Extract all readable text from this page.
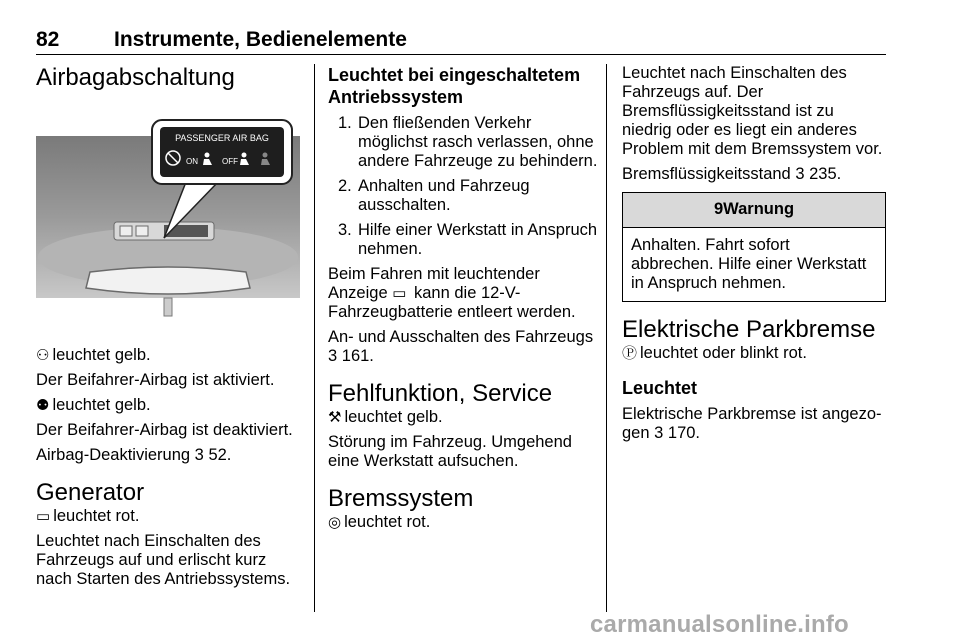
82	Instrumente, Bedienelemente
Airbagabschaltung
PASSENGER AIR BAG
ON	OFF

⚇ leuchtet gelb.

Der Beifahrer-Airbag ist aktiviert.

⚉ leuchtet gelb.

Der Beifahrer-Airbag ist deaktiviert.

Airbag-Deaktivierung 3 52.

Generator

▭ leuchtet rot.

Leuchtet nach Einschalten des Fahrzeugs auf und erlischt kurz nach Starten des Antriebssystems.

Leuchtet bei eingeschaltetem Antriebssystem
1. Den fließenden Verkehr möglichst rasch verlassen, ohne andere Fahrzeuge zu behindern.
2. Anhalten und Fahrzeug ausschalten.
3. Hilfe einer Werkstatt in Anspruch nehmen.

Beim Fahren mit leuchtender Anzeige ▭ kann die 12-V-Fahrzeugbatterie entleert werden.

An- und Ausschalten des Fahrzeugs
3 161.

Fehlfunktion, Service

⚒ leuchtet gelb.

Störung im Fahrzeug. Umgehend eine Werkstatt aufsuchen.

Bremssystem

◎ leuchtet rot.

Leuchtet nach Einschalten des Fahrzeugs auf. Der Bremsflüssigkeitsstand ist zu niedrig oder es liegt ein anderes Problem mit dem Bremssystem vor.

Bremsflüssigkeitsstand 3 235.

9Warnung
Anhalten. Fahrt sofort abbrechen. Hilfe einer Werkstatt in Anspruch nehmen.
Elektrische Parkbremse

Ⓟ leuchtet oder blinkt rot.

Leuchtet

Elektrische Parkbremse ist angezogen 3 170.

carmanualsonline.info
